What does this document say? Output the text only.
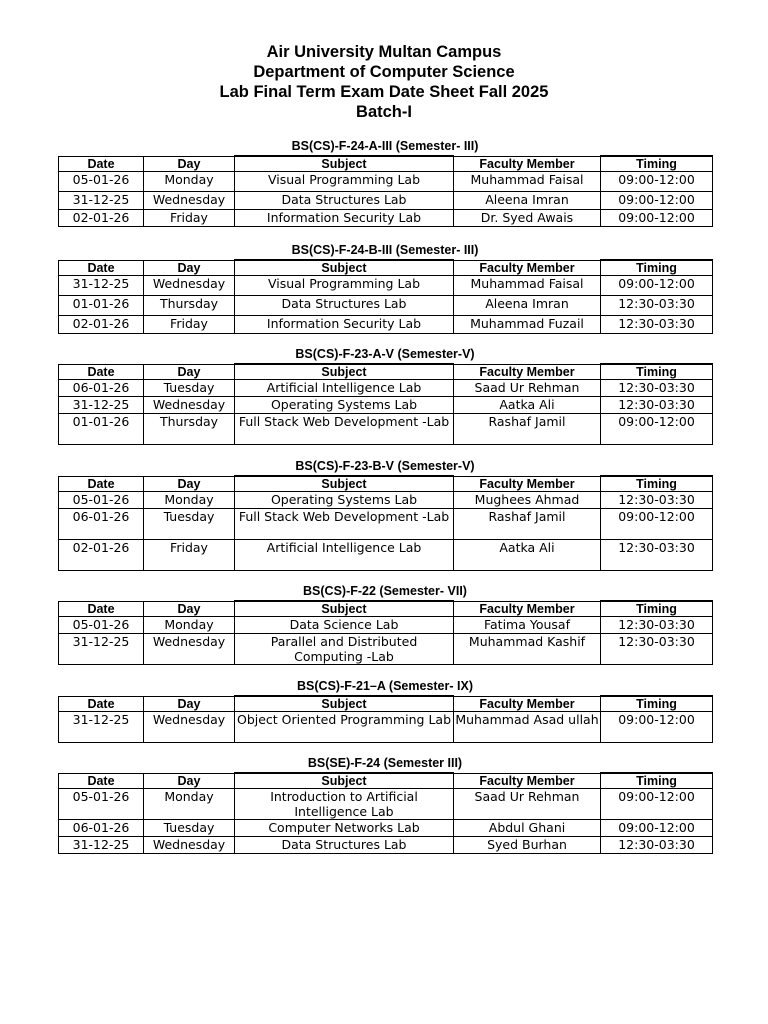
Air University Multan Campus
Department of Computer Science
Lab Final Term Exam Date Sheet Fall 2025
Batch-I
BS(CS)-F-24-A-III (Semester- III)
Date	Day	Subject	Faculty Member	Timing
05-01-26	Monday	Visual Programming Lab	Muhammad Faisal	09:00-12:00
31-12-25	Wednesday	Data Structures Lab	Aleena Imran	09:00-12:00
02-01-26	Friday	Information Security Lab	Dr. Syed Awais	09:00-12:00
BS(CS)-F-24-B-III (Semester- III)
Date	Day	Subject	Faculty Member	Timing
31-12-25	Wednesday	Visual Programming Lab	Muhammad Faisal	09:00-12:00
01-01-26	Thursday	Data Structures Lab	Aleena Imran	12:30-03:30
02-01-26	Friday	Information Security Lab	Muhammad Fuzail	12:30-03:30
BS(CS)-F-23-A-V (Semester-V)
Date	Day	Subject	Faculty Member	Timing
06-01-26	Tuesday	Artificial Intelligence Lab	Saad Ur Rehman	12:30-03:30
31-12-25	Wednesday	Operating Systems Lab	Aatka Ali	12:30-03:30
01-01-26	Thursday	Full Stack Web Development -Lab	Rashaf Jamil	09:00-12:00
BS(CS)-F-23-B-V (Semester-V)
Date	Day	Subject	Faculty Member	Timing
05-01-26	Monday	Operating Systems Lab	Mughees Ahmad	12:30-03:30
06-01-26	Tuesday	Full Stack Web Development -Lab	Rashaf Jamil	09:00-12:00
02-01-26	Friday	Artificial Intelligence Lab	Aatka Ali	12:30-03:30
BS(CS)-F-22 (Semester- VII)
Date	Day	Subject	Faculty Member	Timing
05-01-26	Monday	Data Science Lab	Fatima Yousaf	12:30-03:30
31-12-25	Wednesday	Parallel and Distributed Computing -Lab	Muhammad Kashif	12:30-03:30
BS(CS)-F-21–A (Semester- IX)
Date	Day	Subject	Faculty Member	Timing
31-12-25	Wednesday	Object Oriented Programming Lab	Muhammad Asad ullah	09:00-12:00
BS(SE)-F-24 (Semester III)
Date	Day	Subject	Faculty Member	Timing
05-01-26	Monday	Introduction to Artificial Intelligence Lab	Saad Ur Rehman	09:00-12:00
06-01-26	Tuesday	Computer Networks Lab	Abdul Ghani	09:00-12:00
31-12-25	Wednesday	Data Structures Lab	Syed Burhan	12:30-03:30
